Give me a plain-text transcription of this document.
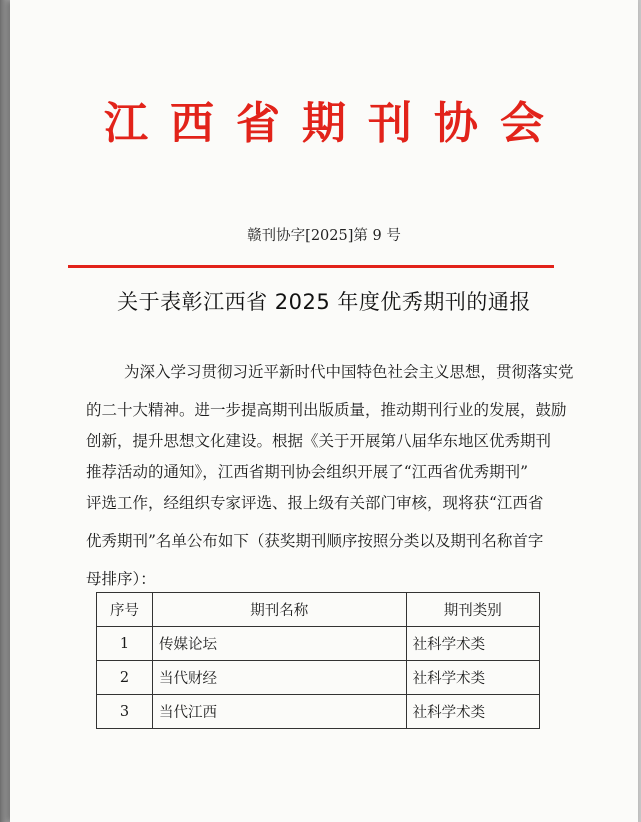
江西省期刊协会
赣刊协字[2025]第 9 号
关于表彰江西省 2025 年度优秀期刊的通报
为深入学习贯彻习近平新时代中国特色社会主义思想，贯彻落实党
的二十大精神。进一步提高期刊出版质量，推动期刊行业的发展，鼓励
创新，提升思想文化建设。根据《关于开展第八届华东地区优秀期刊
推荐活动的通知》，江西省期刊协会组织开展了“江西省优秀期刊”
评选工作，经组织专家评选、报上级有关部门审核，现将获“江西省
优秀期刊”名单公布如下（获奖期刊顺序按照分类以及期刊名称首字
母排序）：
序号	期刊名称	期刊类别
1	传媒论坛	社科学术类
2	当代财经	社科学术类
3	当代江西	社科学术类
